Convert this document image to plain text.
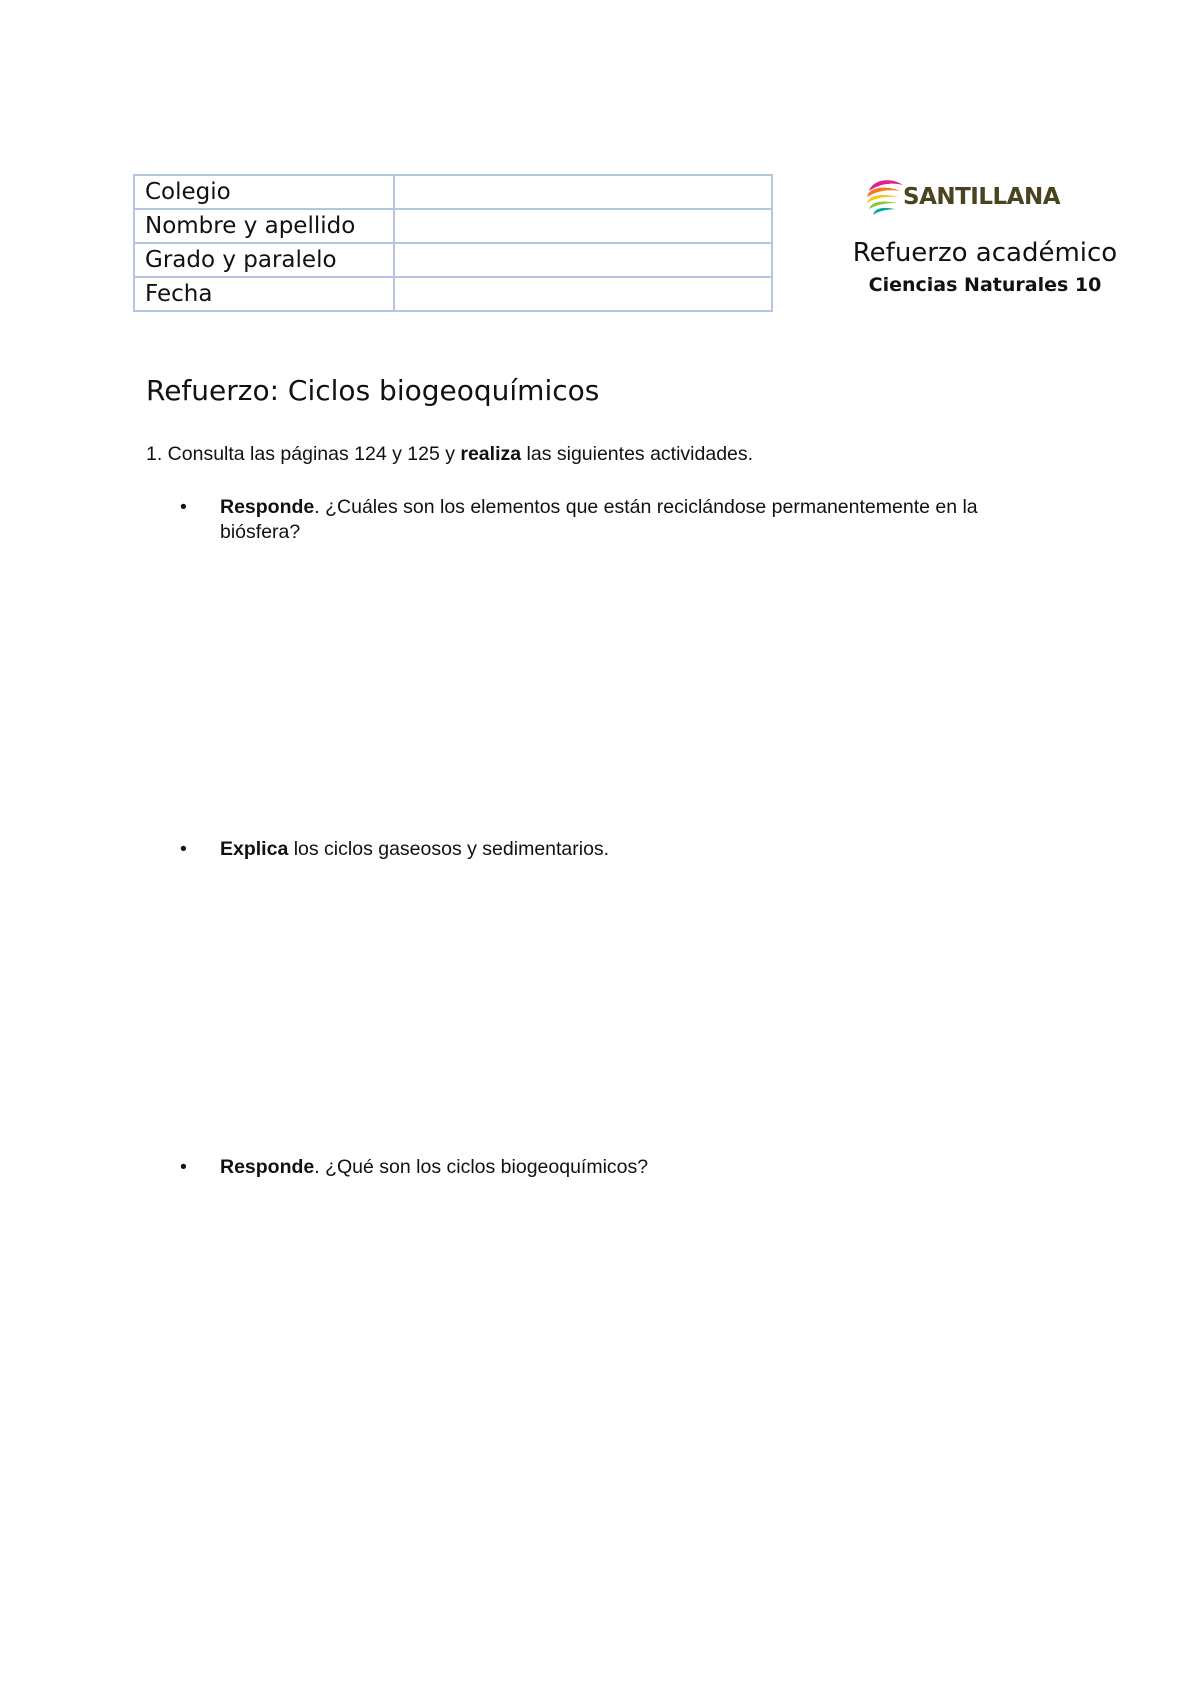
Colegio	
Nombre y apellido	
Grado y paralelo	
Fecha	
SANTILLANA
Refuerzo académico
Ciencias Naturales 10
Refuerzo: Ciclos biogeoquímicos
1. Consulta las páginas 124 y 125 y realiza las siguientes actividades.
•	Responde. ¿Cuáles son los elementos que están reciclándose permanentemente en la biósfera?
•	Explica los ciclos gaseosos y sedimentarios.
•	Responde. ¿Qué son los ciclos biogeoquímicos?
